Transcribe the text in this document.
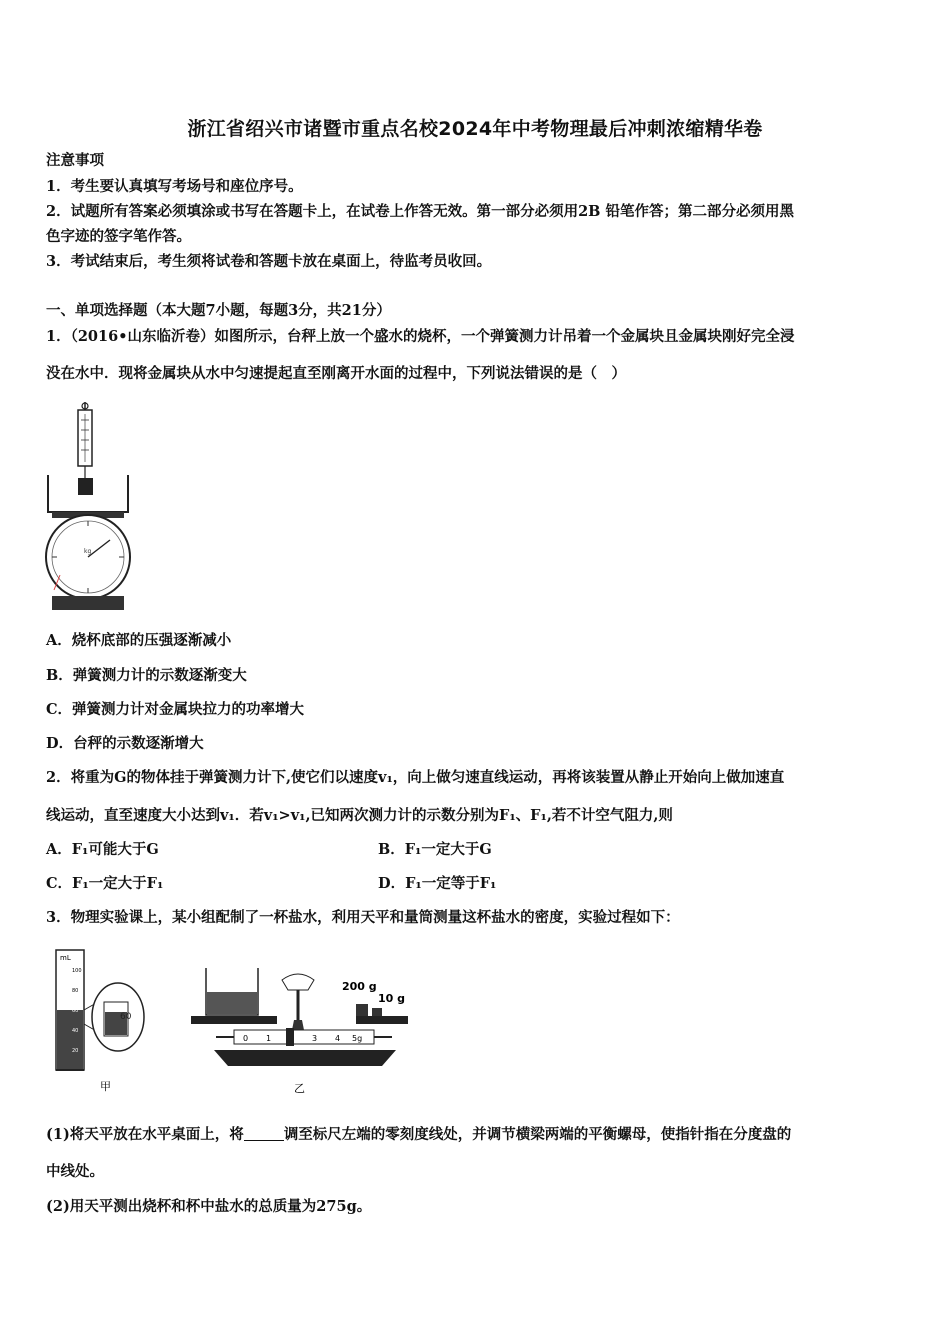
浙江省绍兴市诸暨市重点名校2024年中考物理最后冲刺浓缩精华卷
注意事项
1．考生要认真填写考场号和座位序号。
2．试题所有答案必须填涂或书写在答题卡上，在试卷上作答无效。第一部分必须用2B 铅笔作答；第二部分必须用黑
色字迹的签字笔作答。
3．考试结束后，考生须将试卷和答题卡放在桌面上，待监考员收回。
一、单项选择题（本大题7小题，每题3分，共21分）
1．（2016•山东临沂卷）如图所示，台秤上放一个盛水的烧杯，一个弹簧测力计吊着一个金属块且金属块刚好完全浸
没在水中．现将金属块从水中匀速提起直至刚离开水面的过程中，下列说法错误的是（　）
kg
A．烧杯底部的压强逐渐减小
B．弹簧测力计的示数逐渐变大
C．弹簧测力计对金属块拉力的功率增大
D．台秤的示数逐渐增大
2．将重为G的物体挂于弹簧测力计下,使它们以速度v₁，向上做匀速直线运动，再将该装置从静止开始向上做加速直
线运动，直至速度大小达到v₁．若v₁>v₁,已知两次测力计的示数分别为F₁、F₁,若不计空气阻力,则
A．F₁可能大于G	B．F₁一定大于G
C．F₁一定大于F₁	D．F₁一定等于F₁
3．物理实验课上，某小组配制了一杯盐水，利用天平和量筒测量这杯盐水的密度，实验过程如下：
mL
100
80
60
40
20
60
甲
200 g
10 g
0 1	3 4 5g
乙
(1)将天平放在水平桌面上，将	调至标尺左端的零刻度线处，并调节横梁两端的平衡螺母，使指针指在分度盘的
中线处。
(2)用天平测出烧杯和杯中盐水的总质量为275g。
